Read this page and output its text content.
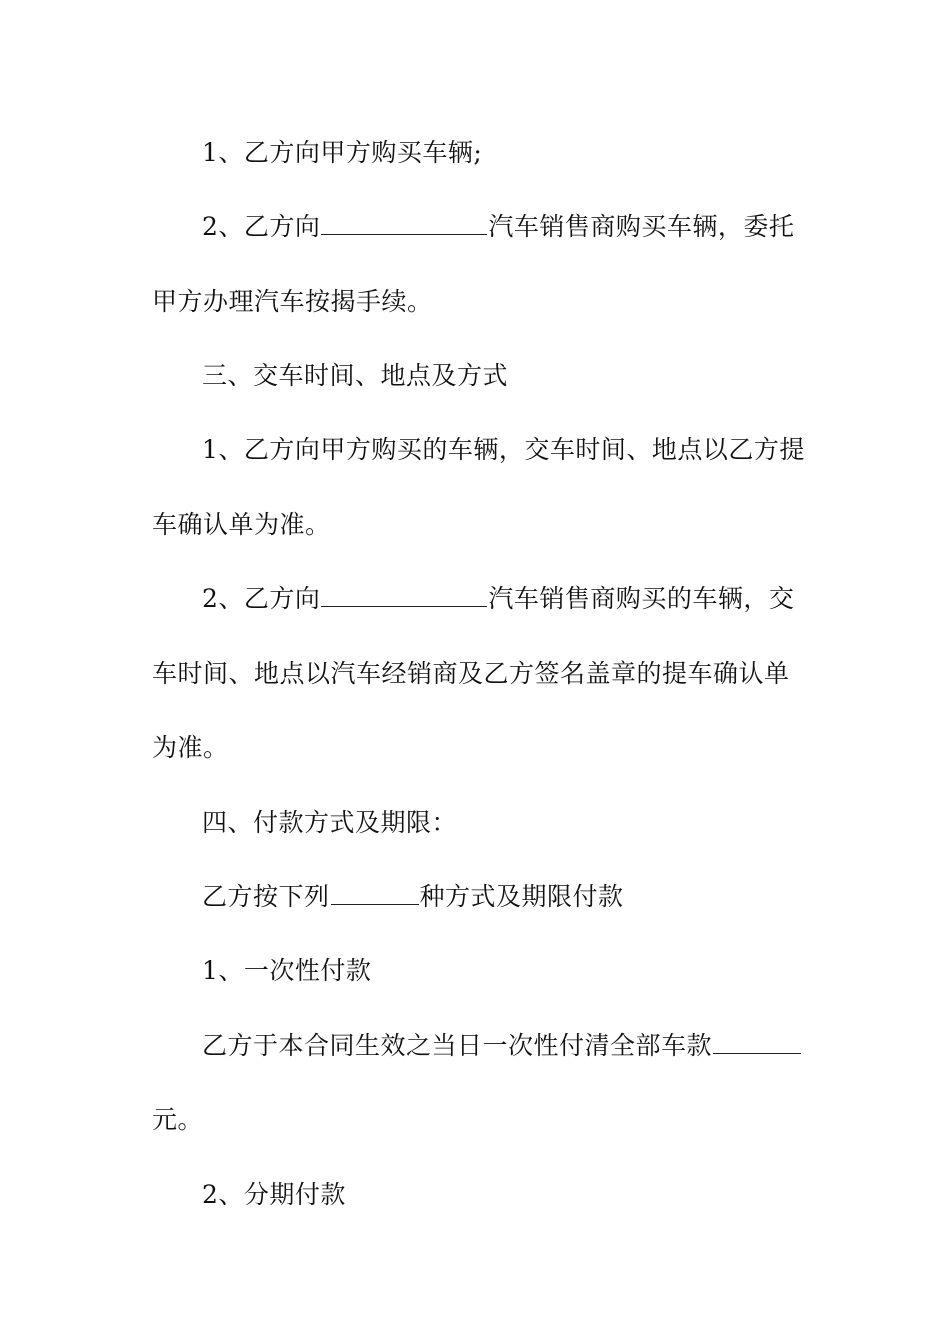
1、乙方向甲方购买车辆;
2、乙方向	汽车销售商购买车辆，委托
甲方办理汽车按揭手续。
三、交车时间、地点及方式
1、乙方向甲方购买的车辆，交车时间、地点以乙方提
车确认单为准。
2、乙方向	汽车销售商购买的车辆，交
车时间、地点以汽车经销商及乙方签名盖章的提车确认单
为准。
四、付款方式及期限：
乙方按下列	种方式及期限付款
1、一次性付款
乙方于本合同生效之当日一次性付清全部车款
元。
2、分期付款
